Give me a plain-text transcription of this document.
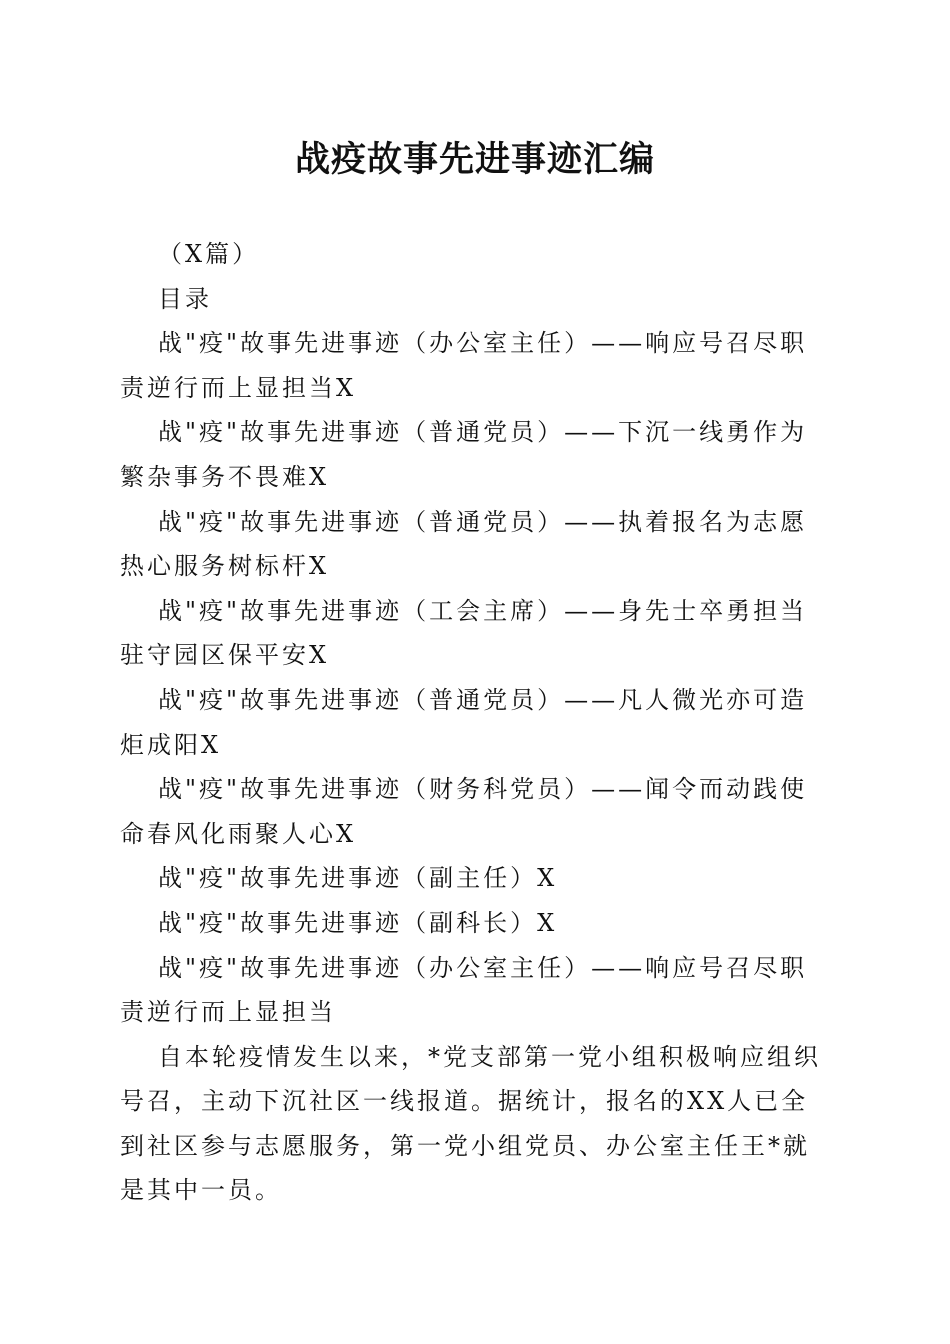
战疫故事先进事迹汇编

（X篇）

目录

战"疫"故事先进事迹（办公室主任）——响应号召尽职责逆行而上显担当X

战"疫"故事先进事迹（普通党员）——下沉一线勇作为繁杂事务不畏难X

战"疫"故事先进事迹（普通党员）——执着报名为志愿热心服务树标杆X

战"疫"故事先进事迹（工会主席）——身先士卒勇担当驻守园区保平安X

战"疫"故事先进事迹（普通党员）——凡人微光亦可造炬成阳X

战"疫"故事先进事迹（财务科党员）——闻令而动践使命春风化雨聚人心X

战"疫"故事先进事迹（副主任）X

战"疫"故事先进事迹（副科长）X

战"疫"故事先进事迹（办公室主任）——响应号召尽职责逆行而上显担当

自本轮疫情发生以来，*党支部第一党小组积极响应组织号召，主动下沉社区一线报道。据统计，报名的XX人已全到社区参与志愿服务，第一党小组党员、办公室主任王*就是其中一员。
